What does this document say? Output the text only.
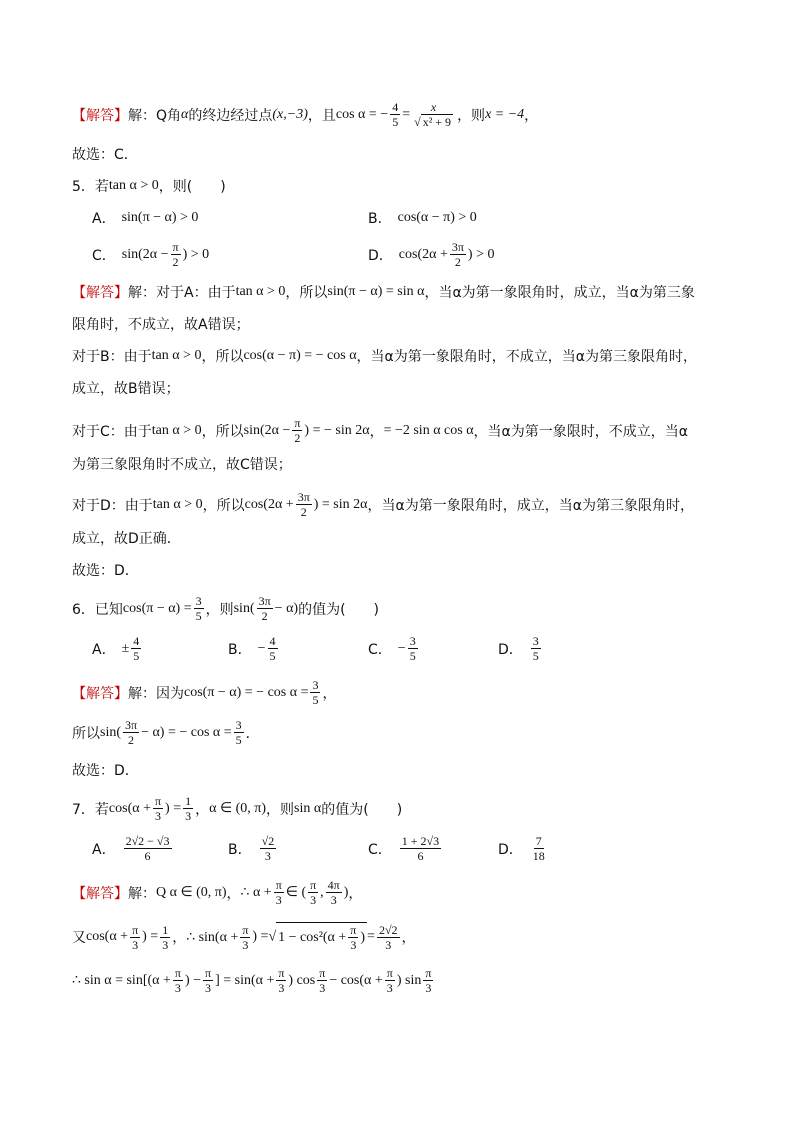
【解答】 解： Q角 α 的终边经过点 (x,−3) ，且 cos α = − $\frac{4}{5} = \frac{x}{\text{√ x² + 9}}$ ，则 x = −4 ，
故选：C．
5．若 tan α > 0 ，则(　　)
A． sin(π − α) > 0	B． cos(α − π) > 0
C． $\sin(2\alpha - \frac{\pi}{2}$ ) > 0	D． $\cos(2\alpha + \frac{3\pi}{2}$ ) > 0
【解答】 解：对于A：由于 tan α > 0 ，所以 sin(π − α) = sin α ，当α为第一象限角时，成立，当α为第三象
限角时，不成立，故A错误；
对于B：由于 tan α > 0 ，所以 cos(α − π) = − cos α ，当α为第一象限角时，不成立，当α为第三象限角时，
成立，故B错误；
对于C：由于 tan α > 0 ，所以 $\sin(2\alpha - \frac{\pi}{2}$ ) = − sin 2α ， = −2 sin α cos α ，当α为第一象限时，不成立，当α
为第三象限角时不成立，故C错误；
对于D：由于 tan α > 0 ，所以 $\cos(2\alpha + \frac{3\pi}{2}$ ) = sin 2α ，当α为第一象限角时，成立，当α为第三象限角时，
成立，故D正确．
故选：D．
6．已知 $\cos(\pi - \alpha) = \frac{3}{5}$ ，则 $\sin( \frac{3\pi}{2} - \alpha)$ 的值为(　　)
A． ± $\frac{4}{5}$	B． − $\frac{4}{5}$	C． − $\frac{3}{5}$	D． $\frac{3}{5}$
【解答】 解：因为 cos(π − α) = − $\cos \alpha = \frac{3}{5}$ ，
所以 $\sin( \frac{3\pi}{2} - \alpha)$ = − $\cos \alpha = \frac{3}{5}$ ．
故选：D．
7．若 $\cos(\alpha + \frac{\pi}{3}$ ) = $\frac{1}{3}$ ， α ∈ (0, π) ，则 sin α 的值为(　　)
A． $\frac{2√2 - √3}{6}$	B． $\frac{√2}{3}$	C． $\frac{1 + 2√3}{6}$	D． $\frac{7}{18}$
【解答】 解： Q α ∈ (0, π) ， ∴ $\alpha + \frac{\pi}{3}$ ∈ ( $\frac{\pi}{3}$ , $\frac{4\pi}{3}$ ) ，
又 $\cos(\alpha + \frac{\pi}{3}$ ) = $\frac{1}{3}$ ， ∴ $\sin(\alpha + \frac{\pi}{3}$ ) = √ $1 - \cos^2(\alpha + \frac{\pi}{3}$ ) = $\frac{2√2}{3}$ ，
∴ $\sin \alpha = \sin[(\alpha + \frac{\pi}{3}$ ) − $\frac{\pi}{3}$ ] = $\sin(\alpha + \frac{\pi}{3}$ ) $\cos \frac{\pi}{3} - \cos(\alpha + \frac{\pi}{3}$ ) $\sin \frac{\pi}{3}$
